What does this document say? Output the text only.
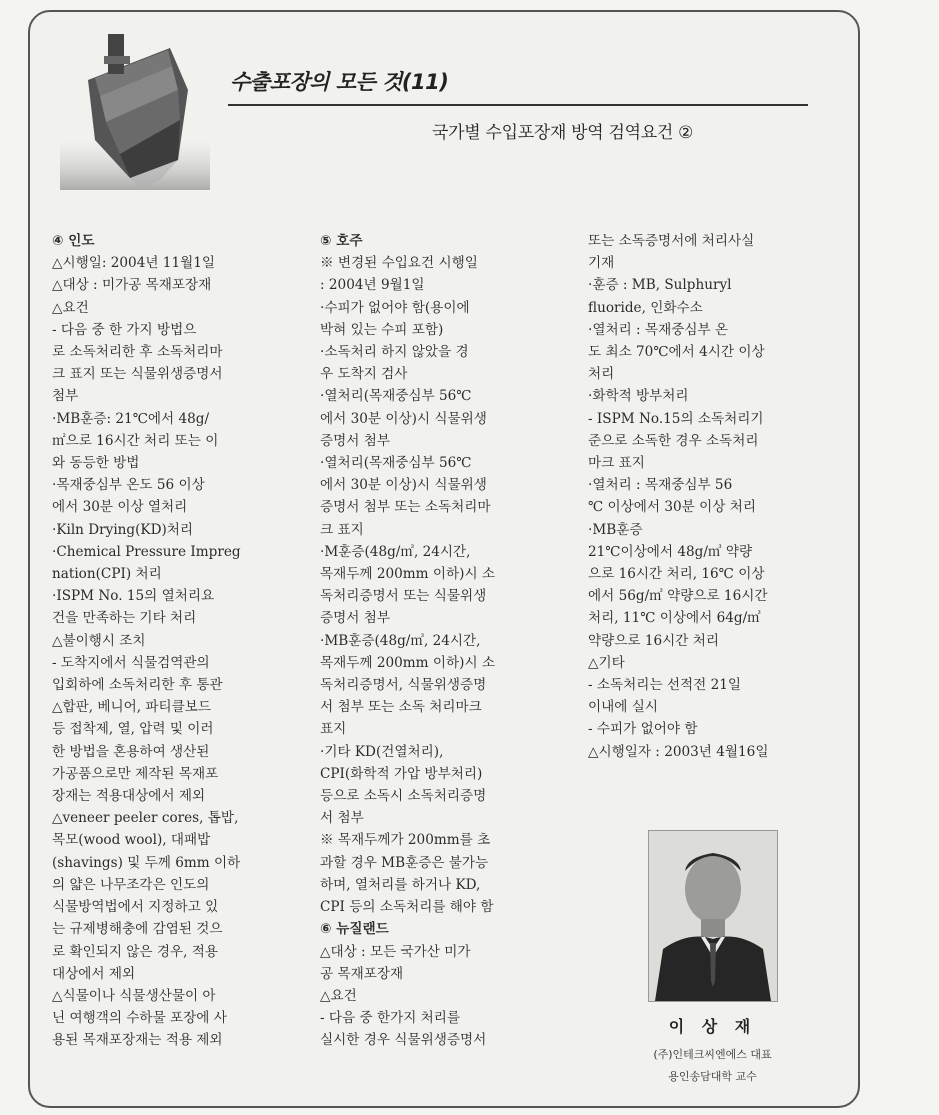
수출포장의 모든 것(11)
국가별 수입포장재 방역 검역요건 ②
④ 인도
△시행일: 2004년 11월1일
△대상 : 미가공 목재포장재
△요건
- 다음 중 한 가지 방법으
로 소독처리한 후 소독처리마
크 표지 또는 식물위생증명서
첨부
·MB훈증: 21℃에서 48g/
㎡으로 16시간 처리 또는 이
와 동등한 방법
·목재중심부 온도 56 이상
에서 30분 이상 열처리
·Kiln Drying(KD)처리
·Chemical Pressure Impreg
nation(CPI) 처리
·ISPM No. 15의 열처리요
건을 만족하는 기타 처리
△불이행시 조치
- 도착지에서 식물검역관의
입회하에 소독처리한 후 통관
△합판, 베니어, 파티클보드
등 접착제, 열, 압력 및 이러
한 방법을 혼용하여 생산된
가공품으로만 제작된 목재포
장재는 적용대상에서 제외
△veneer peeler cores, 톱밥,
목모(wood wool), 대패밥
(shavings) 및 두께 6mm 이하
의 얇은 나무조각은 인도의
식물방역법에서 지정하고 있
는 규제병해충에 감염된 것으
로 확인되지 않은 경우, 적용
대상에서 제외
△식물이나 식물생산물이 아
닌 여행객의 수하물 포장에 사
용된 목재포장재는 적용 제외
⑤ 호주
※ 변경된 수입요건 시행일
: 2004년 9월1일
·수피가 없어야 함(용이에
박혀 있는 수피 포함)
·소독처리 하지 않았을 경
우 도착지 검사
·열처리(목재중심부 56℃
에서 30분 이상)시 식물위생
증명서 첨부
·열처리(목재중심부 56℃
에서 30분 이상)시 식물위생
증명서 첨부 또는 소독처리마
크 표지
·M훈증(48g/㎥, 24시간,
목재두께 200mm 이하)시 소
독처리증명서 또는 식물위생
증명서 첨부
·MB훈증(48g/㎥, 24시간,
목재두께 200mm 이하)시 소
독처리증명서, 식물위생증명
서 첨부 또는 소독 처리마크
표지
·기타 KD(건열처리),
CPI(화학적 가압 방부처리)
등으로 소독시 소독처리증명
서 첨부
※ 목재두께가 200mm를 초
과할 경우 MB훈증은 불가능
하며, 열처리를 하거나 KD,
CPI 등의 소독처리를 해야 함
⑥ 뉴질랜드
△대상 : 모든 국가산 미가
공 목재포장재
△요건
- 다음 중 한가지 처리를
실시한 경우 식물위생증명서
또는 소독증명서에 처리사실
기재
·훈증 : MB, Sulphuryl
fluoride, 인화수소
·열처리 : 목재중심부 온
도 최소 70℃에서 4시간 이상
처리
·화학적 방부처리
- ISPM No.15의 소독처리기
준으로 소독한 경우 소독처리
마크 표지
·열처리 : 목재중심부 56
℃ 이상에서 30분 이상 처리
·MB훈증
21℃이상에서 48g/㎥ 약량
으로 16시간 처리, 16℃ 이상
에서 56g/㎥ 약량으로 16시간
처리, 11℃ 이상에서 64g/㎥
약량으로 16시간 처리
△기타
- 소독처리는 선적전 21일
이내에 실시
- 수피가 없어야 함
△시행일자 : 2003년 4월16일
이 상 재
(주)인테크씨엔에스 대표
용인송담대학 교수
